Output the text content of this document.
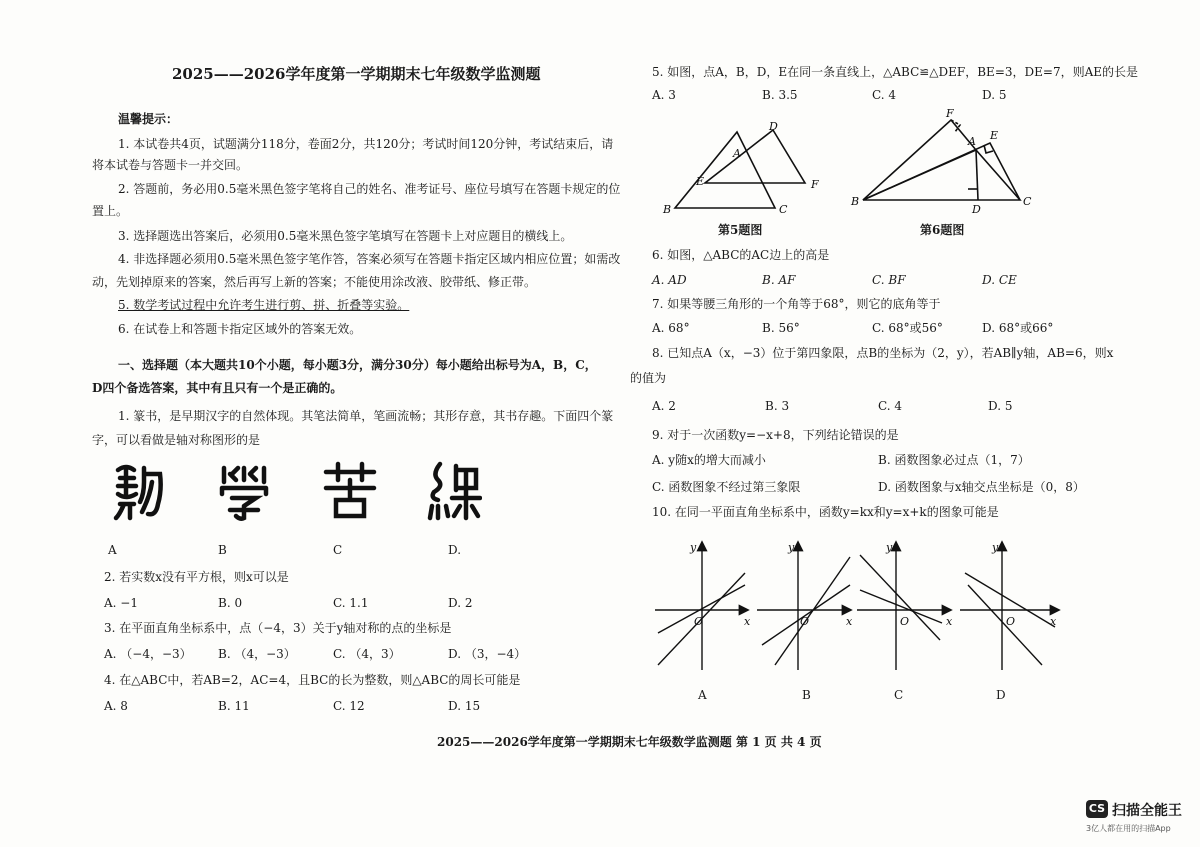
2025——2026学年度第一学期期末七年级数学监测题
温馨提示：
1. 本试卷共4页，试题满分118分，卷面2分，共120分；考试时间120分钟，考试结束后，请
将本试卷与答题卡一并交回。
2. 答题前，务必用0.5毫米黑色签字笔将自己的姓名、准考证号、座位号填写在答题卡规定的位
置上。
3. 选择题选出答案后，必须用0.5毫米黑色签字笔填写在答题卡上对应题目的横线上。
4. 非选择题必须用0.5毫米黑色签字笔作答，答案必须写在答题卡指定区域内相应位置；如需改
动，先划掉原来的答案，然后再写上新的答案；不能使用涂改液、胶带纸、修正带。
5. 数学考试过程中允许考生进行剪、拼、折叠等实验。
6. 在试卷上和答题卡指定区域外的答案无效。
一、选择题（本大题共10个小题，每小题3分，满分30分）每小题给出标号为A，B，C，
D四个备选答案，其中有且只有一个是正确的。
1. 篆书，是早期汉字的自然体现。其笔法简单，笔画流畅；其形存意，其书存趣。下面四个篆
字，可以看做是轴对称图形的是
A	B	C	D.
2. 若实数x没有平方根，则x可以是
A. −1	B. 0	C. 1.1	D. 2
3. 在平面直角坐标系中，点（−4，3）关于y轴对称的点的坐标是
A. （−4，−3） B. （4，−3）	C. （4，3）	D. （3，−4）
4. 在△ABC中，若AB=2，AC=4，且BC的长为整数，则△ABC的周长可能是
A. 8	B. 11	C. 12	D. 15
5. 如图，点A，B，D，E在同一条直线上，△ABC≌△DEF，BE=3，DE=7，则AE的长是
A. 3	B. 3.5	C. 4	D. 5
D
A
E	F
B	C
第5题图
F
A E
B
D
C
第6题图
6. 如图，△ABC的AC边上的高是
A. AD	B. AF	C. BF	D. CE
7. 如果等腰三角形的一个角等于68°，则它的底角等于
A. 68°	B. 56°	C. 68°或56°	D. 68°或66°
8. 已知点A（x，−3）位于第四象限，点B的坐标为（2，y），若AB∥y轴，AB=6，则x
的值为
A. 2	B. 3	C. 4	D. 5
9. 对于一次函数y=−x+8，下列结论错误的是
A. y随x的增大而减小	B. 函数图象必过点（1，7）
C. 函数图象不经过第三象限	D. 函数图象与x轴交点坐标是（0，8）
10. 在同一平面直角坐标系中，函数y=kx和y=x+k的图象可能是
y
x
O
y
x
O
y
x
O
y
x
O
A	B	C	D
2025——2026学年度第一学期期末七年级数学监测题 第 1 页 共 4 页
CS 扫描全能王
3亿人都在用的扫描App
